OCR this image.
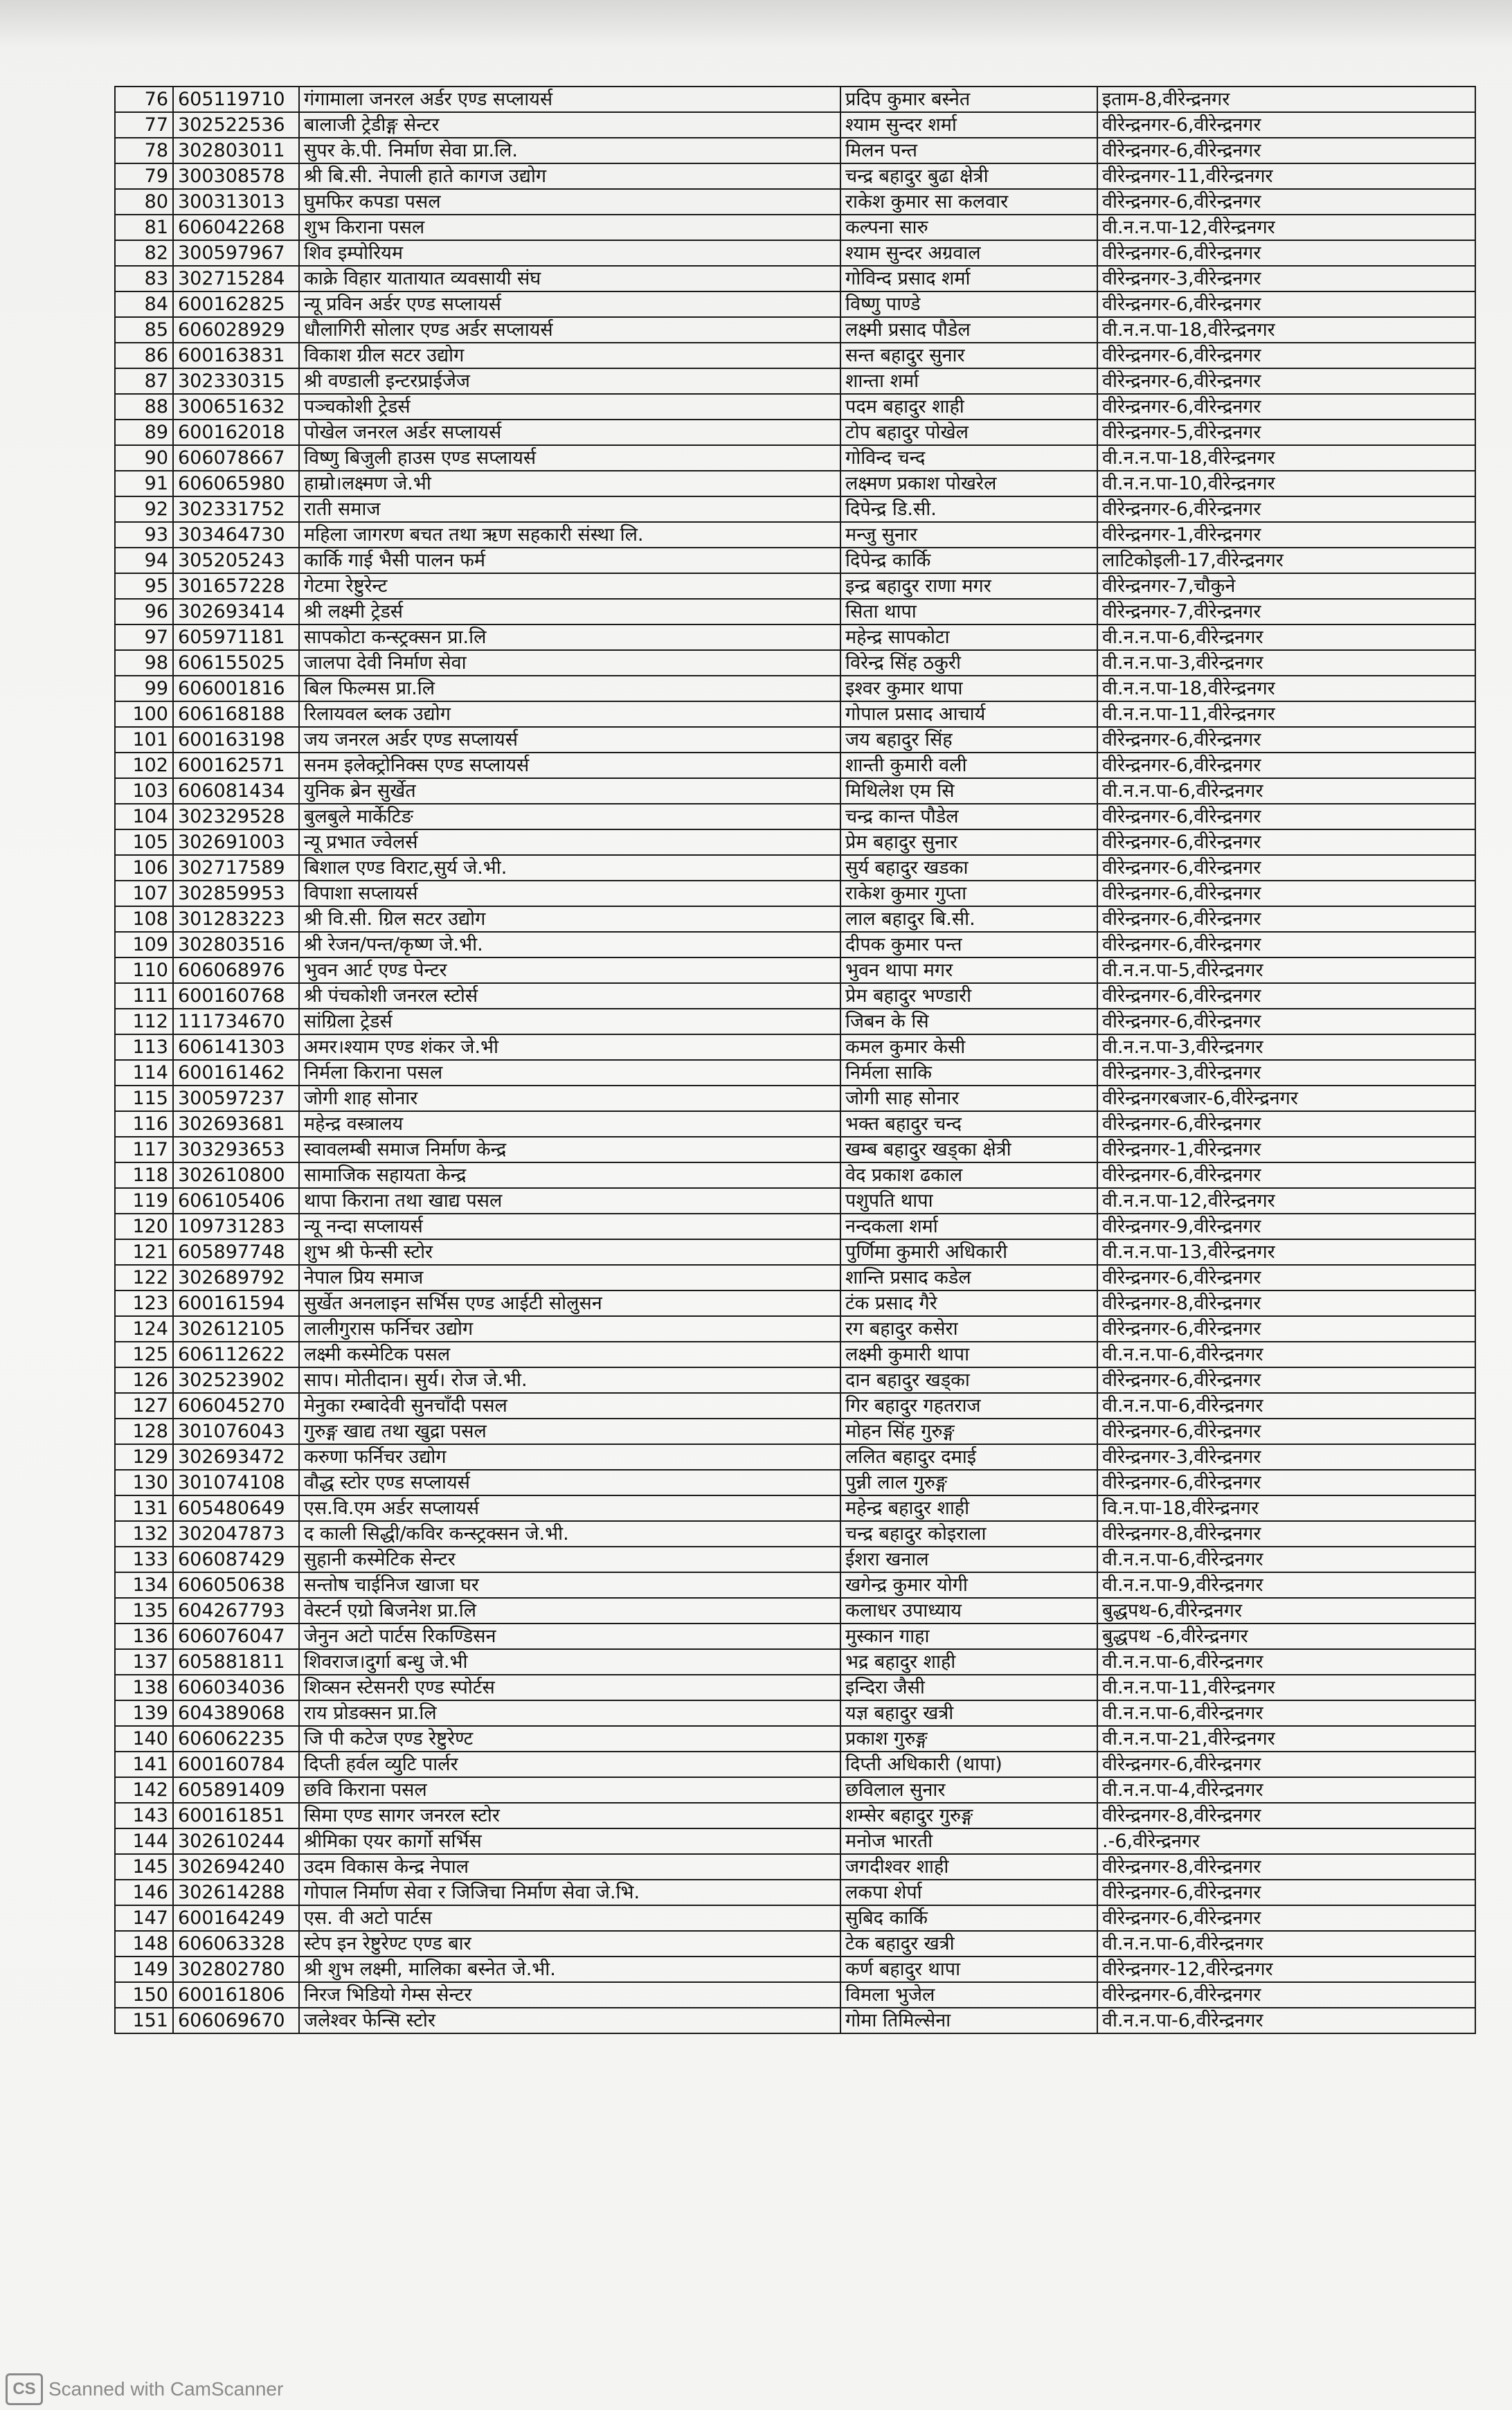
76	605119710	गंगामाला जनरल अर्डर एण्ड सप्लायर्स	प्रदिप कुमार बस्नेत	इताम-8,वीरेन्द्रनगर
77	302522536	बालाजी ट्रेडीङ्ग सेन्टर	श्याम सुन्दर शर्मा	वीरेन्द्रनगर-6,वीरेन्द्रनगर
78	302803011	सुपर के.पी. निर्माण सेवा प्रा.लि.	मिलन पन्त	वीरेन्द्रनगर-6,वीरेन्द्रनगर
79	300308578	श्री बि.सी. नेपाली हाते कागज उद्योग	चन्द्र बहादुर बुढा क्षेत्री	वीरेन्द्रनगर-11,वीरेन्द्रनगर
80	300313013	घुमफिर कपडा पसल	राकेश कुमार सा कलवार	वीरेन्द्रनगर-6,वीरेन्द्रनगर
81	606042268	शुभ किराना पसल	कल्पना सारु	वी.न.न.पा-12,वीरेन्द्रनगर
82	300597967	शिव इम्पोरियम	श्याम सुन्दर अग्रवाल	वीरेन्द्रनगर-6,वीरेन्द्रनगर
83	302715284	काक्रे विहार यातायात व्यवसायी संघ	गोविन्द प्रसाद शर्मा	वीरेन्द्रनगर-3,वीरेन्द्रनगर
84	600162825	न्यू प्रविन अर्डर एण्ड सप्लायर्स	विष्णु पाण्डे	वीरेन्द्रनगर-6,वीरेन्द्रनगर
85	606028929	धौलागिरी सोलार एण्ड अर्डर सप्लायर्स	लक्ष्मी प्रसाद पौडेल	वी.न.न.पा-18,वीरेन्द्रनगर
86	600163831	विकाश ग्रील सटर उद्योग	सन्त बहादुर सुनार	वीरेन्द्रनगर-6,वीरेन्द्रनगर
87	302330315	श्री वण्डाली इन्टरप्राईजेज	शान्ता शर्मा	वीरेन्द्रनगर-6,वीरेन्द्रनगर
88	300651632	पञ्चकोशी ट्रेडर्स	पदम बहादुर शाही	वीरेन्द्रनगर-6,वीरेन्द्रनगर
89	600162018	पोखेल जनरल अर्डर सप्लायर्स	टोप बहादुर पोखेल	वीरेन्द्रनगर-5,वीरेन्द्रनगर
90	606078667	विष्णु बिजुली हाउस एण्ड सप्लायर्स	गोविन्द चन्द	वी.न.न.पा-18,वीरेन्द्रनगर
91	606065980	हाम्रो।लक्ष्मण जे.भी	लक्ष्मण प्रकाश पोखरेल	वी.न.न.पा-10,वीरेन्द्रनगर
92	302331752	राती समाज	दिपेन्द्र डि.सी.	वीरेन्द्रनगर-6,वीरेन्द्रनगर
93	303464730	महिला जागरण बचत तथा ऋण सहकारी संस्था लि.	मन्जु सुनार	वीरेन्द्रनगर-1,वीरेन्द्रनगर
94	305205243	कार्कि गाई भैसी पालन फर्म	दिपेन्द्र कार्कि	लाटिकोइली-17,वीरेन्द्रनगर
95	301657228	गेटमा रेष्टुरेन्ट	इन्द्र बहादुर राणा मगर	वीरेन्द्रनगर-7,चौकुने
96	302693414	श्री लक्ष्मी ट्रेडर्स	सिता थापा	वीरेन्द्रनगर-7,वीरेन्द्रनगर
97	605971181	सापकोटा कन्स्ट्रक्सन प्रा.लि	महेन्द्र सापकोटा	वी.न.न.पा-6,वीरेन्द्रनगर
98	606155025	जालपा देवी निर्माण सेवा	विरेन्द्र सिंह ठकुरी	वी.न.न.पा-3,वीरेन्द्रनगर
99	606001816	बिल फिल्मस प्रा.लि	इश्वर कुमार थापा	वी.न.न.पा-18,वीरेन्द्रनगर
100	606168188	रिलायवल ब्लक उद्योग	गोपाल प्रसाद आचार्य	वी.न.न.पा-11,वीरेन्द्रनगर
101	600163198	जय जनरल अर्डर एण्ड सप्लायर्स	जय बहादुर सिंह	वीरेन्द्रनगर-6,वीरेन्द्रनगर
102	600162571	सनम इलेक्ट्रोनिक्स एण्ड सप्लायर्स	शान्ती कुमारी वली	वीरेन्द्रनगर-6,वीरेन्द्रनगर
103	606081434	युनिक ब्रेन सुर्खेत	मिथिलेश एम सि	वी.न.न.पा-6,वीरेन्द्रनगर
104	302329528	बुलबुले मार्केटिङ	चन्द्र कान्त पौडेल	वीरेन्द्रनगर-6,वीरेन्द्रनगर
105	302691003	न्यू प्रभात ज्वेलर्स	प्रेम बहादुर सुनार	वीरेन्द्रनगर-6,वीरेन्द्रनगर
106	302717589	बिशाल एण्ड विराट,सुर्य जे.भी.	सुर्य बहादुर खडका	वीरेन्द्रनगर-6,वीरेन्द्रनगर
107	302859953	विपाशा सप्लायर्स	राकेश कुमार गुप्ता	वीरेन्द्रनगर-6,वीरेन्द्रनगर
108	301283223	श्री वि.सी. ग्रिल सटर उद्योग	लाल बहादुर बि.सी.	वीरेन्द्रनगर-6,वीरेन्द्रनगर
109	302803516	श्री रेजन/पन्त/कृष्ण जे.भी.	दीपक कुमार पन्त	वीरेन्द्रनगर-6,वीरेन्द्रनगर
110	606068976	भुवन आर्ट एण्ड पेन्टर	भुवन थापा मगर	वी.न.न.पा-5,वीरेन्द्रनगर
111	600160768	श्री पंचकोशी जनरल स्टोर्स	प्रेम बहादुर भण्डारी	वीरेन्द्रनगर-6,वीरेन्द्रनगर
112	111734670	सांग्रिला ट्रेडर्स	जिबन के सि	वीरेन्द्रनगर-6,वीरेन्द्रनगर
113	606141303	अमर।श्याम एण्ड शंकर जे.भी	कमल कुमार केसी	वी.न.न.पा-3,वीरेन्द्रनगर
114	600161462	निर्मला किराना पसल	निर्मला साकि	वीरेन्द्रनगर-3,वीरेन्द्रनगर
115	300597237	जोगी शाह सोनार	जोगी साह सोनार	वीरेन्द्रनगरबजार-6,वीरेन्द्रनगर
116	302693681	महेन्द्र वस्त्रालय	भक्त बहादुर चन्द	वीरेन्द्रनगर-6,वीरेन्द्रनगर
117	303293653	स्वावलम्बी समाज निर्माण केन्द्र	खम्ब बहादुर खड्का क्षेत्री	वीरेन्द्रनगर-1,वीरेन्द्रनगर
118	302610800	सामाजिक सहायता केन्द्र	वेद प्रकाश ढकाल	वीरेन्द्रनगर-6,वीरेन्द्रनगर
119	606105406	थापा किराना तथा खाद्य पसल	पशुपति थापा	वी.न.न.पा-12,वीरेन्द्रनगर
120	109731283	न्यू नन्दा सप्लायर्स	नन्दकला शर्मा	वीरेन्द्रनगर-9,वीरेन्द्रनगर
121	605897748	शुभ श्री फेन्सी स्टोर	पुर्णिमा कुमारी अधिकारी	वी.न.न.पा-13,वीरेन्द्रनगर
122	302689792	नेपाल प्रिय समाज	शान्ति प्रसाद कडेल	वीरेन्द्रनगर-6,वीरेन्द्रनगर
123	600161594	सुर्खेत अनलाइन सर्भिस एण्ड आईटी सोलुसन	टंक प्रसाद गैरे	वीरेन्द्रनगर-8,वीरेन्द्रनगर
124	302612105	लालीगुरास फर्निचर उद्योग	रग बहादुर कसेरा	वीरेन्द्रनगर-6,वीरेन्द्रनगर
125	606112622	लक्ष्मी कस्मेटिक पसल	लक्ष्मी कुमारी थापा	वी.न.न.पा-6,वीरेन्द्रनगर
126	302523902	साप। मोतीदान। सुर्य। रोज जे.भी.	दान बहादुर खड्का	वीरेन्द्रनगर-6,वीरेन्द्रनगर
127	606045270	मेनुका रम्बादेवी सुनचाँदी पसल	गिर बहादुर गहतराज	वी.न.न.पा-6,वीरेन्द्रनगर
128	301076043	गुरुङ्ग खाद्य तथा खुद्रा पसल	मोहन सिंह गुरुङ्ग	वीरेन्द्रनगर-6,वीरेन्द्रनगर
129	302693472	करुणा फर्निचर उद्योग	ललित बहादुर दमाई	वीरेन्द्रनगर-3,वीरेन्द्रनगर
130	301074108	वौद्ध स्टोर एण्ड सप्लायर्स	पुन्नी लाल गुरुङ्ग	वीरेन्द्रनगर-6,वीरेन्द्रनगर
131	605480649	एस.वि.एम अर्डर सप्लायर्स	महेन्द्र बहादुर शाही	वि.न.पा-18,वीरेन्द्रनगर
132	302047873	द काली सिद्धी/कविर कन्स्ट्रक्सन जे.भी.	चन्द्र बहादुर कोइराला	वीरेन्द्रनगर-8,वीरेन्द्रनगर
133	606087429	सुहानी कस्मेटिक सेन्टर	ईशरा खनाल	वी.न.न.पा-6,वीरेन्द्रनगर
134	606050638	सन्तोष चाईनिज खाजा घर	खगेन्द्र कुमार योगी	वी.न.न.पा-9,वीरेन्द्रनगर
135	604267793	वेस्टर्न एग्रो बिजनेश प्रा.लि	कलाधर उपाध्याय	बुद्धपथ-6,वीरेन्द्रनगर
136	606076047	जेनुन अटो पार्टस रिकण्डिसन	मुस्कान गाहा	बुद्धपथ -6,वीरेन्द्रनगर
137	605881811	शिवराज।दुर्गा बन्धु जे.भी	भद्र बहादुर शाही	वी.न.न.पा-6,वीरेन्द्रनगर
138	606034036	शिव्सन स्टेसनरी एण्ड स्पोर्टस	इन्दिरा जैसी	वी.न.न.पा-11,वीरेन्द्रनगर
139	604389068	राय प्रोडक्सन प्रा.लि	यज्ञ बहादुर खत्री	वी.न.न.पा-6,वीरेन्द्रनगर
140	606062235	जि पी कटेज एण्ड रेष्टुरेण्ट	प्रकाश गुरुङ्ग	वी.न.न.पा-21,वीरेन्द्रनगर
141	600160784	दिप्ती हर्वल व्युटि पार्लर	दिप्ती अधिकारी (थापा)	वीरेन्द्रनगर-6,वीरेन्द्रनगर
142	605891409	छवि किराना पसल	छविलाल सुनार	वी.न.न.पा-4,वीरेन्द्रनगर
143	600161851	सिमा एण्ड सागर जनरल स्टोर	शम्सेर बहादुर गुरुङ्ग	वीरेन्द्रनगर-8,वीरेन्द्रनगर
144	302610244	श्रीमिका एयर कार्गो सर्भिस	मनोज भारती	.-6,वीरेन्द्रनगर
145	302694240	उदम विकास केन्द्र नेपाल	जगदीश्वर शाही	वीरेन्द्रनगर-8,वीरेन्द्रनगर
146	302614288	गोपाल निर्माण सेवा र जिजिचा निर्माण सेवा जे.भि.	लकपा शेर्पा	वीरेन्द्रनगर-6,वीरेन्द्रनगर
147	600164249	एस. वी अटो पार्टस	सुबिद कार्कि	वीरेन्द्रनगर-6,वीरेन्द्रनगर
148	606063328	स्टेप इन रेष्टुरेण्ट एण्ड बार	टेक बहादुर खत्री	वी.न.न.पा-6,वीरेन्द्रनगर
149	302802780	श्री शुभ लक्ष्मी, मालिका बस्नेत जे.भी.	कर्ण बहादुर थापा	वीरेन्द्रनगर-12,वीरेन्द्रनगर
150	600161806	निरज भिडियो गेम्स सेन्टर	विमला भुजेल	वीरेन्द्रनगर-6,वीरेन्द्रनगर
151	606069670	जलेश्वर फेन्सि स्टोर	गोमा तिमिल्सेना	वी.न.न.पा-6,वीरेन्द्रनगर
CS Scanned with CamScanner
